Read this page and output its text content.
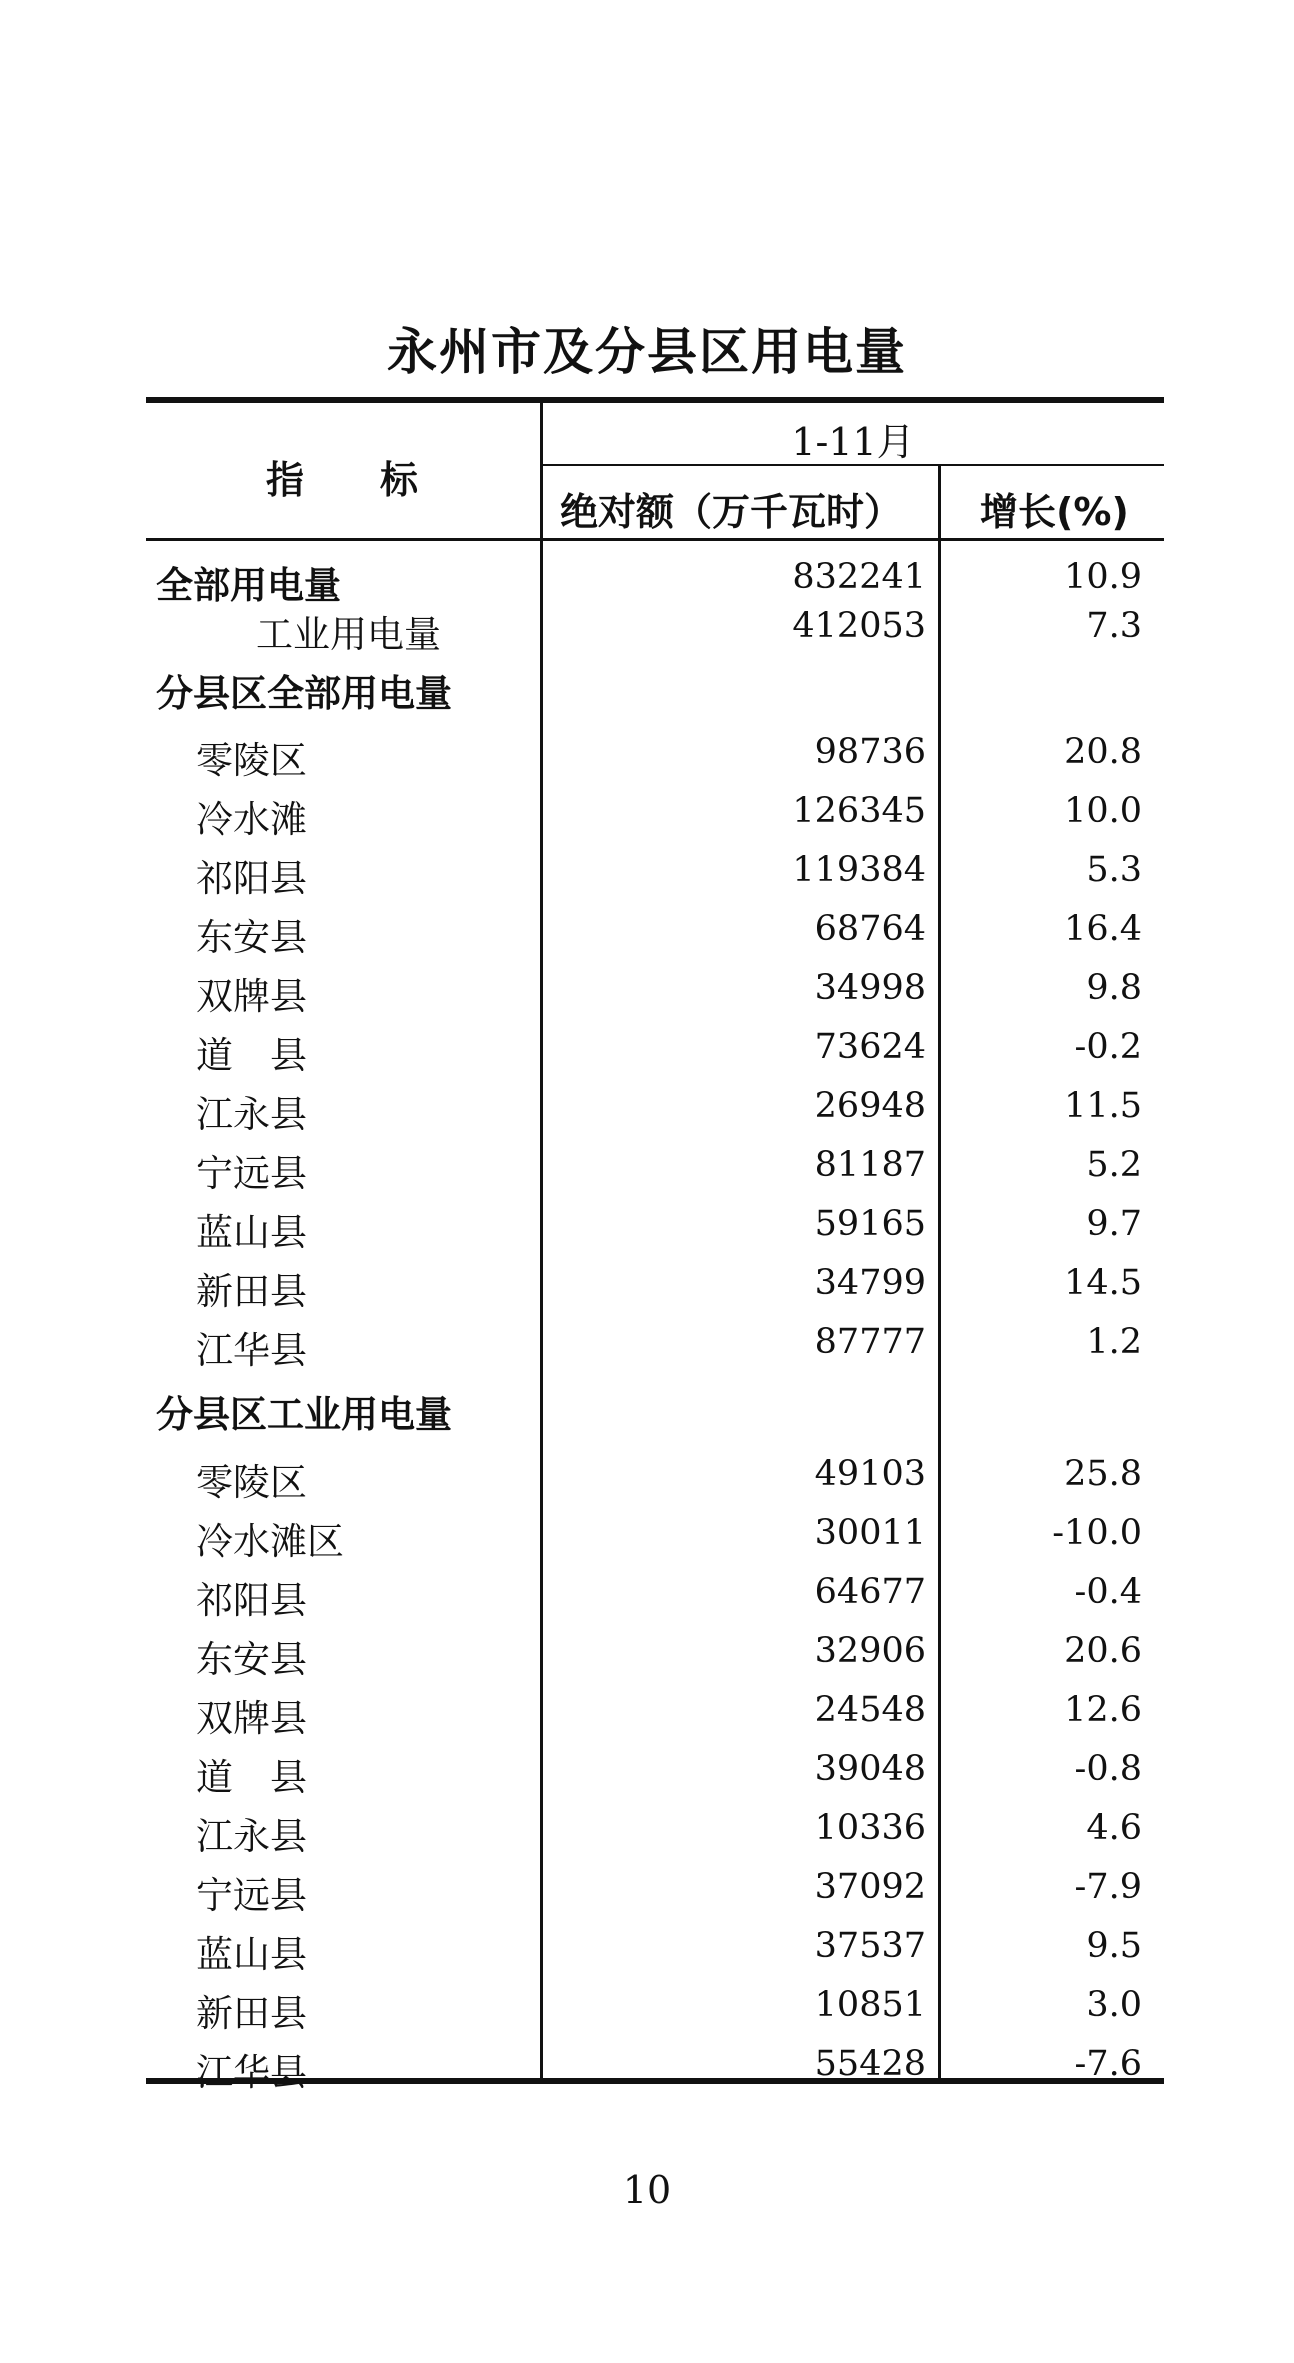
永州市及分县区用电量
指　　标
1-11月
绝对额（万千瓦时） 增长(%)
全部用电量	832241	10.9
工业用电量	412053	7.3
分县区全部用电量
零陵区	98736	20.8
冷水滩	126345	10.0
祁阳县	119384	5.3
东安县	68764	16.4
双牌县	34998	9.8
道　县	73624	-0.2
江永县	26948	11.5
宁远县	81187	5.2
蓝山县	59165	9.7
新田县	34799	14.5
江华县	87777	1.2
分县区工业用电量
零陵区	49103	25.8
冷水滩区	30011	-10.0
祁阳县	64677	-0.4
东安县	32906	20.6
双牌县	24548	12.6
道　县	39048	-0.8
江永县	10336	4.6
宁远县	37092	-7.9
蓝山县	37537	9.5
新田县	10851	3.0
江华县	55428	-7.6
10
